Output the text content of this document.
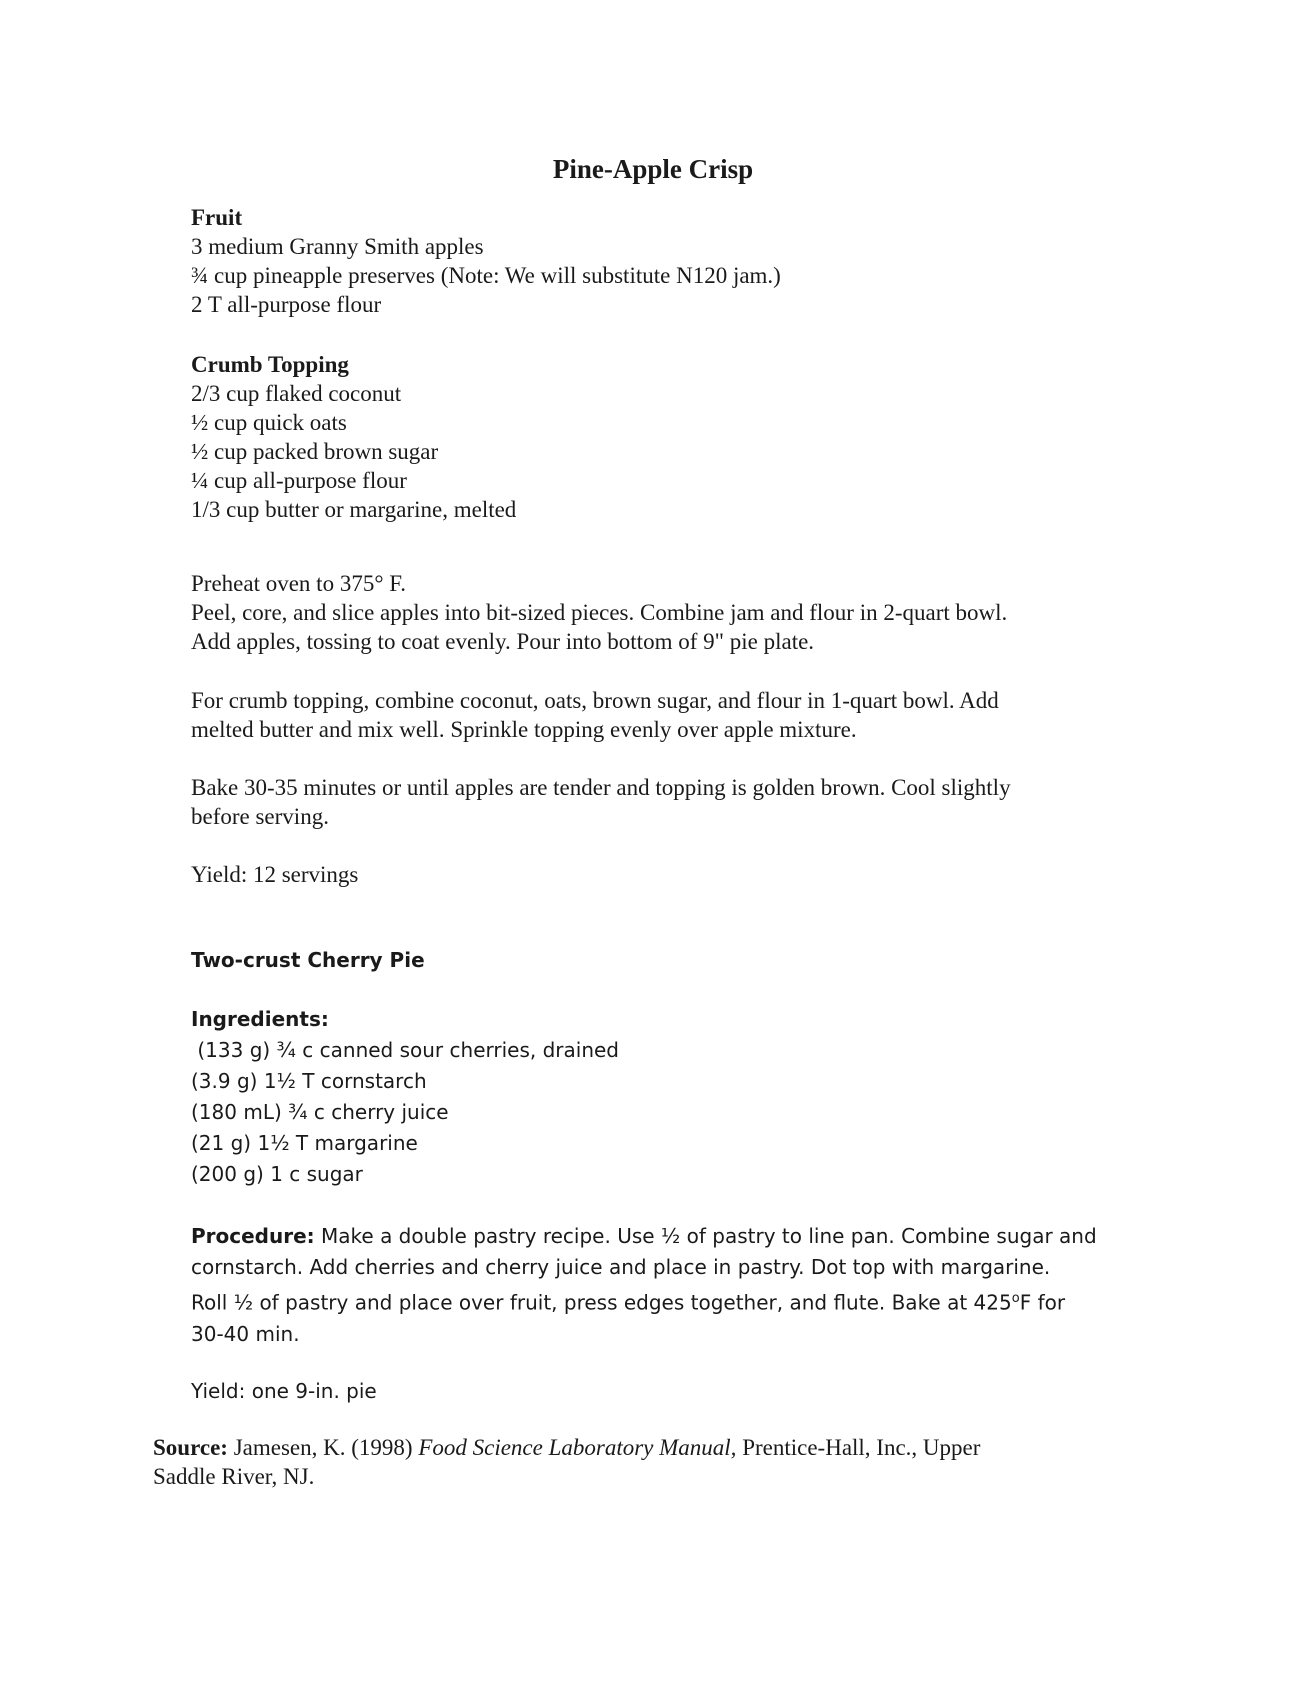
Pine-Apple Crisp
Fruit
3 medium Granny Smith apples
¾ cup pineapple preserves (Note: We will substitute N120 jam.)
2 T all-purpose flour
Crumb Topping
2/3 cup flaked coconut
½ cup quick oats
½ cup packed brown sugar
¼ cup all-purpose flour
1/3 cup butter or margarine, melted
Preheat oven to 375° F.
Peel, core, and slice apples into bit-sized pieces. Combine jam and flour in 2-quart bowl.
Add apples, tossing to coat evenly. Pour into bottom of 9" pie plate.
For crumb topping, combine coconut, oats, brown sugar, and flour in 1-quart bowl. Add
melted butter and mix well. Sprinkle topping evenly over apple mixture.
Bake 30-35 minutes or until apples are tender and topping is golden brown. Cool slightly
before serving.
Yield: 12 servings
Two-crust Cherry Pie
Ingredients:
(133 g) ¾ c canned sour cherries, drained
(3.9 g) 1½ T cornstarch
(180 mL) ¾ c cherry juice
(21 g) 1½ T margarine
(200 g) 1 c sugar
Procedure: Make a double pastry recipe. Use ½ of pastry to line pan. Combine sugar and
cornstarch. Add cherries and cherry juice and place in pastry. Dot top with margarine.
Roll ½ of pastry and place over fruit, press edges together, and flute. Bake at 425$^o$F for
30-40 min.
Yield: one 9-in. pie
Source: Jamesen, K. (1998) Food Science Laboratory Manual, Prentice-Hall, Inc., Upper
Saddle River, NJ.
